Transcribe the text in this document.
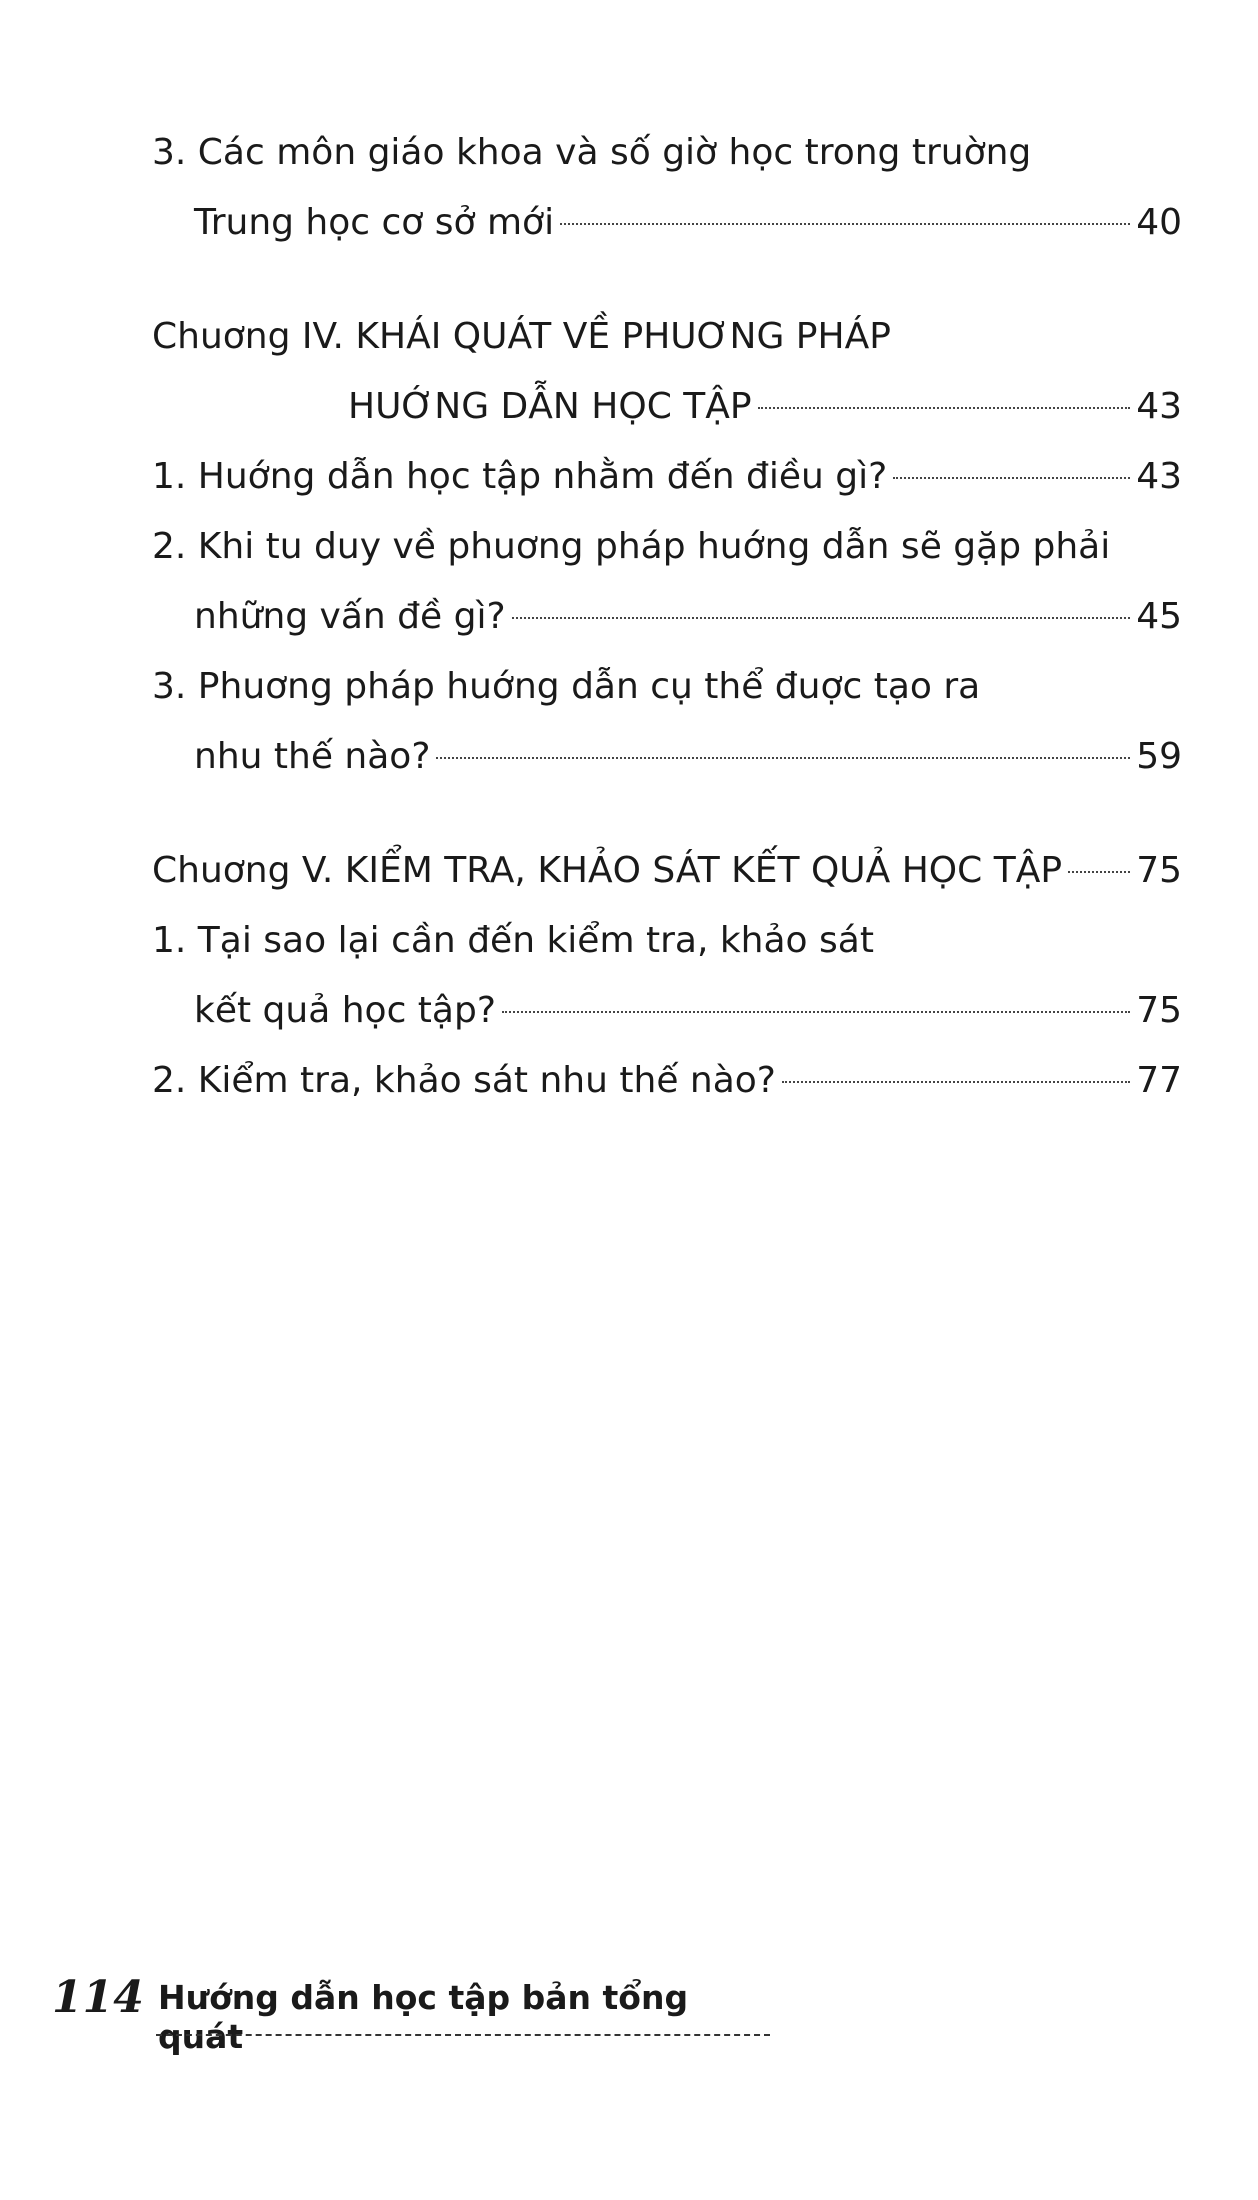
3. Các môn giáo khoa và số giờ học trong truờng
Trung học cơ sở mới	40
Chuơng IV. KHÁI QUÁT VỀ PHUƠNG PHÁP
HUỚNG DẪN HỌC TẬP	43
1. Huớng dẫn học tập nhằm đến điều gì?	43
2. Khi tu duy về phuơng pháp huớng dẫn sẽ gặp phải
những vấn đề gì?	45
3. Phuơng pháp huớng dẫn cụ thể đuợc tạo ra
nhu thế nào?	59
Chuơng V. KIỂM TRA, KHẢO SÁT KẾT QUẢ HỌC TẬP 75
1. Tại sao lại cần đến kiểm tra, khảo sát
kết quả học tập?	75
2. Kiểm tra, khảo sát nhu thế nào?	77
114 Hướng dẫn học tập bản tổng quát
